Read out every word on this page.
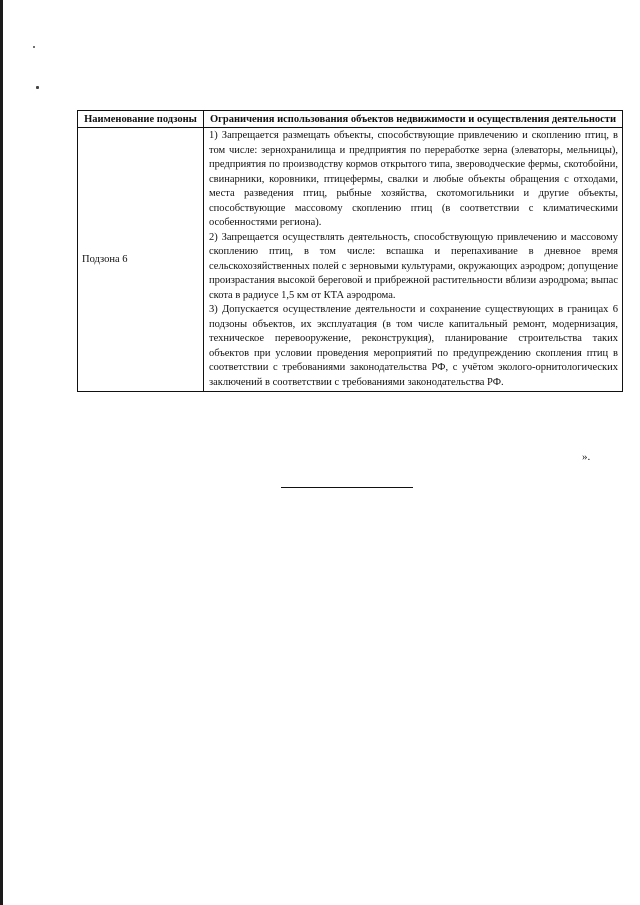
Наименование подзоны	Ограничения использования объектов недвижимости и осуществления деятельности
Подзона 6	1) Запрещается размещать объекты, способствующие привлечению и скоплению птиц, в том числе: зернохранилища и предприятия по переработке зерна (элеваторы, мельницы), предприятия по производству кормов открытого типа, звероводческие фермы, скотобойни, свинарники, коровники, птицефермы, свалки и любые объекты обращения с отходами, места разведения птиц, рыбные хозяйства, скотомогильники и другие объекты, способствующие массовому скоплению птиц (в соответствии с климатическими особенностями региона).

2) Запрещается осуществлять деятельность, способствующую привлечению и массовому скоплению птиц, в том числе: вспашка и перепахивание в дневное время сельскохозяйственных полей с зерновыми культурами, окружающих аэродром; допущение произрастания высокой береговой и прибрежной растительности вблизи аэродрома; выпас скота в радиусе 1,5 км от КТА аэродрома.

3) Допускается осуществление деятельности и сохранение существующих в границах 6 подзоны объектов, их эксплуатация (в том числе капитальный ремонт, модернизация, техническое перевооружение, реконструкция), планирование строительства таких объектов при условии проведения мероприятий по предупреждению скопления птиц в соответствии с требованиями законодательства РФ, с учётом эколого-орнитологических заключений в соответствии с требованиями законодательства РФ.

».
